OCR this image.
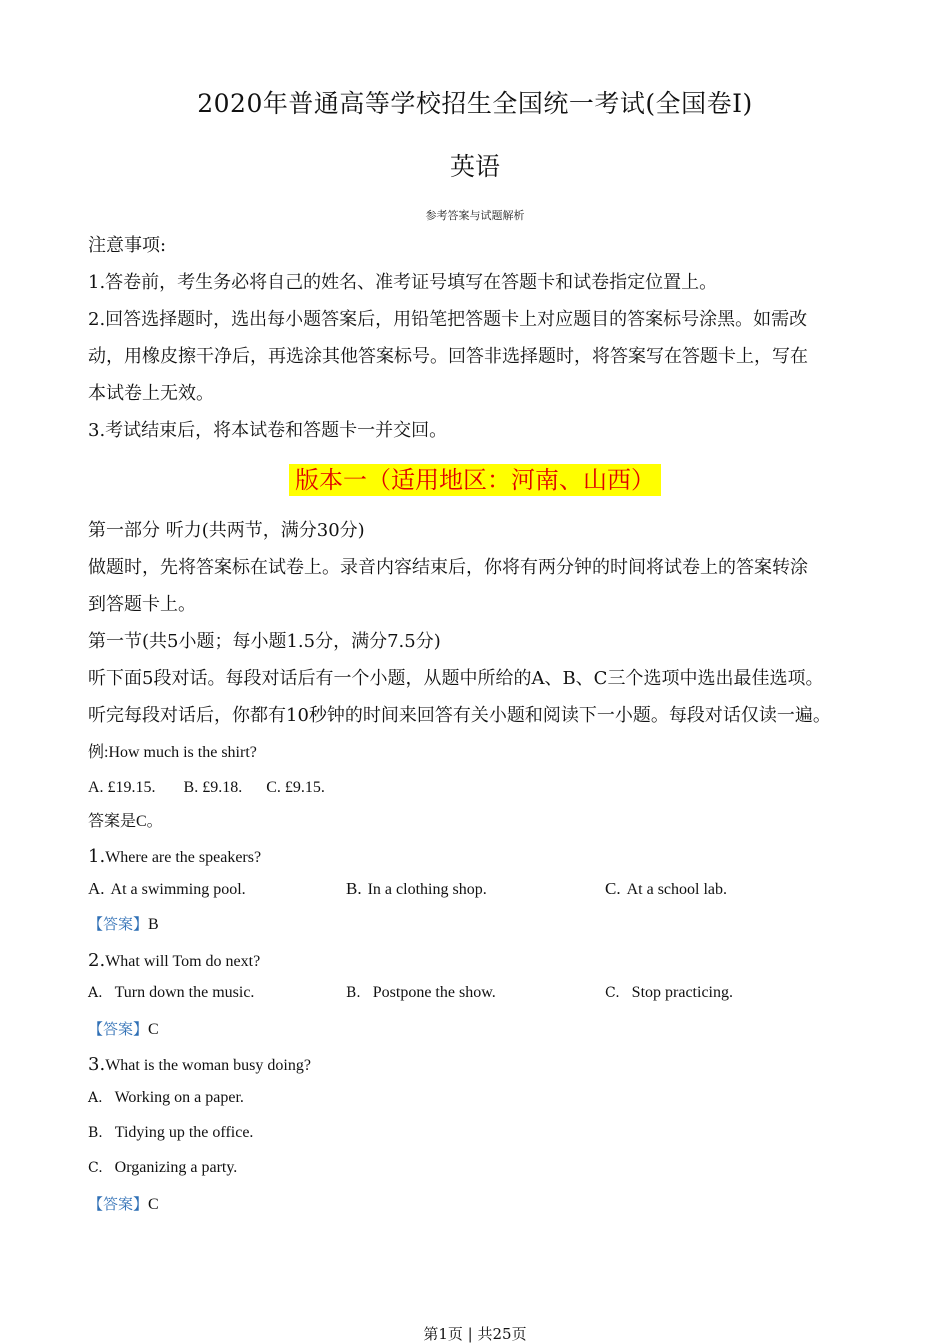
2020年普通高等学校招生全国统一考试(全国卷Ⅰ)
英语
参考答案与试题解析
注意事项:
1.答卷前，考生务必将自己的姓名、准考证号填写在答题卡和试卷指定位置上。
2.回答选择题时，选出每小题答案后，用铅笔把答题卡上对应题目的答案标号涂黑。如需改
动，用橡皮擦干净后，再选涂其他答案标号。回答非选择题时，将答案写在答题卡上，写在
本试卷上无效。
3.考试结束后，将本试卷和答题卡一并交回。
版本一（适用地区：河南、山西）
第一部分 听力(共两节，满分30分)
做题时，先将答案标在试卷上。录音内容结束后，你将有两分钟的时间将试卷上的答案转涂
到答题卡上。
第一节(共5小题；每小题1.5分，满分7.5分)
听下面5段对话。每段对话后有一个小题，从题中所给的A、B、C三个选项中选出最佳选项。
听完每段对话后，你都有10秒钟的时间来回答有关小题和阅读下一小题。每段对话仅读一遍。
例:How much is the shirt?
A. £19.15.       B. £9.18.      C. £9.15.
答案是C。
1.Where are the speakers?
A. At a swimming pool.	B. In a clothing shop.	C. At a school lab.
【答案】B
2.What will Tom do next?
A. Turn down the music.	B. Postpone the show.	C. Stop practicing.
【答案】C
3.What is the woman busy doing?
A. Working on a paper.
B. Tidying up the office.
C. Organizing a party.
【答案】C
第1页 | 共25页
